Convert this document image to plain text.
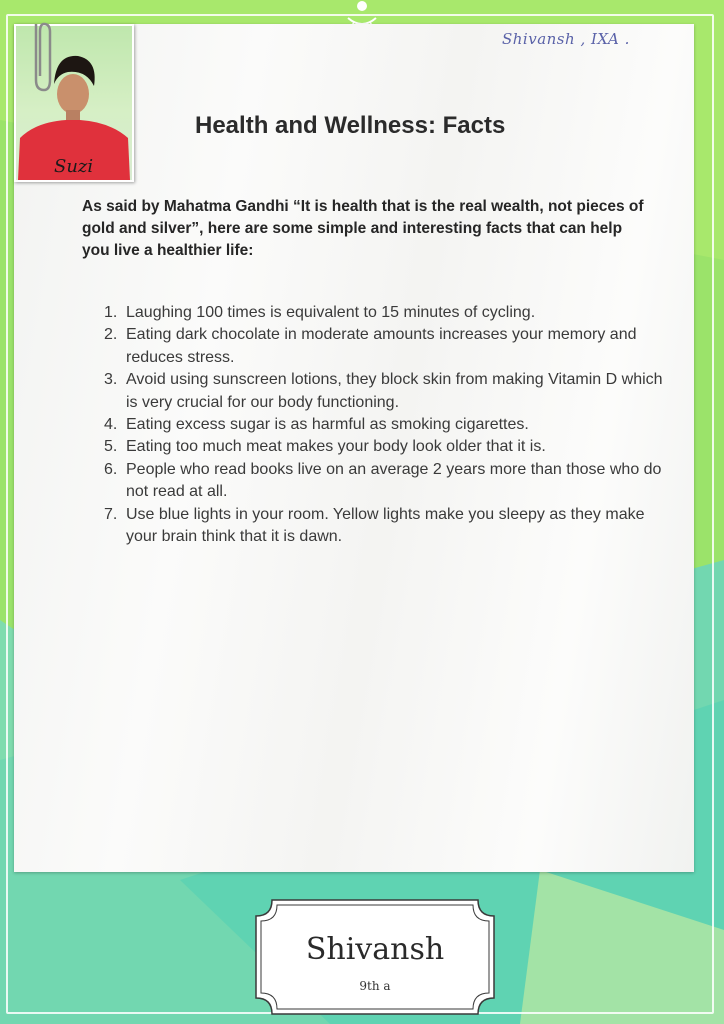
Suzi
Shivansh , IXA .
Health and Wellness: Facts
As said by Mahatma Gandhi “It is health that is the real wealth, not pieces of gold and silver”, here are some simple and interesting facts that can help you live a healthier life:
1. Laughing 100 times is equivalent to 15 minutes of cycling.
2. Eating dark chocolate in moderate amounts increases your memory and reduces stress.
3. Avoid using sunscreen lotions, they block skin from making Vitamin D which is very crucial for our body functioning.
4. Eating excess sugar is as harmful as smoking cigarettes.
5. Eating too much meat makes your body look older that it is.
6. People who read books live on an average 2 years more than those who do not read at all.
7. Use blue lights in your room. Yellow lights make you sleepy as they make your brain think that it is dawn.
Shivansh
9th a
